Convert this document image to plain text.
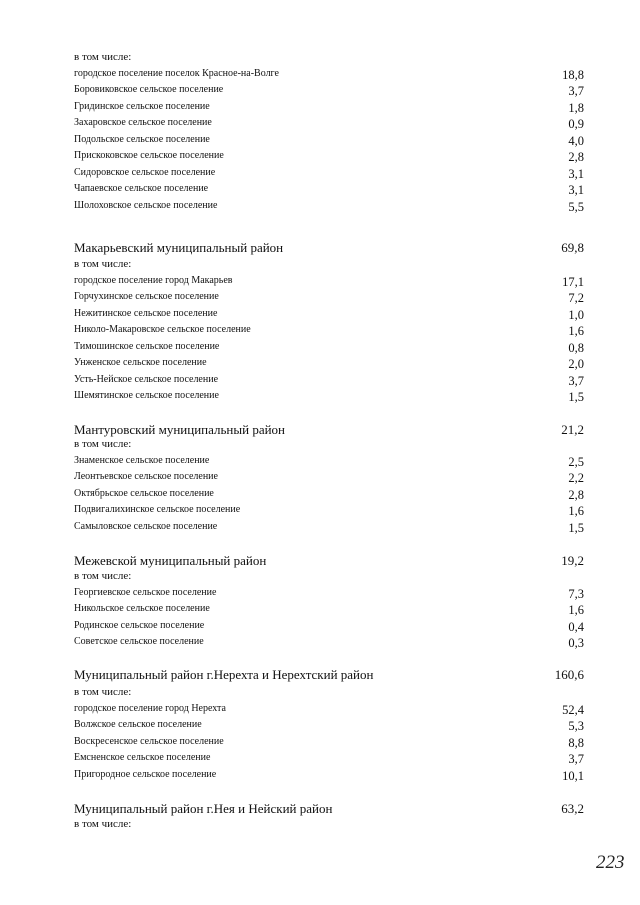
в том числе:
городское поселение поселок Красное-на-Волге	18,8
Боровиковское сельское поселение	3,7
Гридинское сельское поселение	1,8
Захаровское сельское поселение	0,9
Подольское сельское поселение	4,0
Прискоковское сельское поселение	2,8
Сидоровское сельское поселение	3,1
Чапаевское сельское поселение	3,1
Шолоховское сельское поселение	5,5
Макарьевский муниципальный район	69,8
в том числе:
городское поселение город Макарьев	17,1
Горчухинское сельское поселение	7,2
Нежитинское сельское поселение	1,0
Николо-Макаровское сельское поселение	1,6
Тимошинское сельское поселение	0,8
Унженское сельское поселение	2,0
Усть-Нейское сельское поселение	3,7
Шемятинское сельское поселение	1,5
Мантуровский муниципальный район	21,2
в том числе:
Знаменское сельское поселение	2,5
Леонтьевское сельское поселение	2,2
Октябрьское сельское поселение	2,8
Подвигалихинское сельское поселение	1,6
Самыловское сельское поселение	1,5
Межевской муниципальный район	19,2
в том числе:
Георгиевское сельское поселение	7,3
Никольское сельское поселение	1,6
Родинское сельское поселение	0,4
Советское сельское поселение	0,3
Муниципальный район г.Нерехта и Нерехтский район	160,6
в том числе:
городское поселение город Нерехта	52,4
Волжское сельское поселение	5,3
Воскресенское сельское поселение	8,8
Емсненское сельское поселение	3,7
Пригородное сельское поселение	10,1
Муниципальный район г.Нея и Нейский район	63,2
в том числе:
223
